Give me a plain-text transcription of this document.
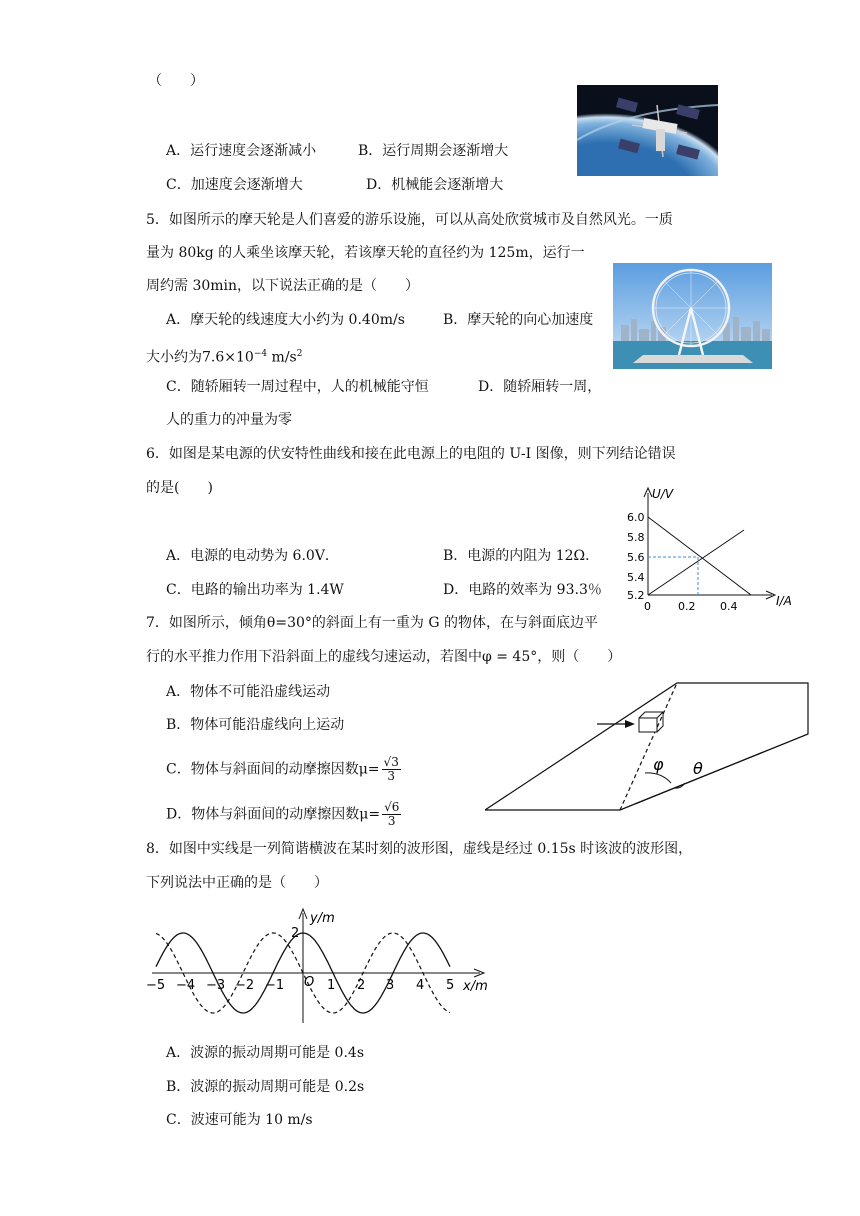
（　　）
A．运行速度会逐渐减小	B．运行周期会逐渐增大
C．加速度会逐渐增大	D．机械能会逐渐增大
5．如图所示的摩天轮是人们喜爱的游乐设施，可以从高处欣赏城市及自然风光。一质
量为 80kg 的人乘坐该摩天轮，若该摩天轮的直径约为 125m，运行一
周约需 30min，以下说法正确的是（　　）
A．摩天轮的线速度大小约为 0.40m/s	B．摩天轮的向心加速度
大小约为$7.6\times 10^{-4}$ $m/s^2$
C．随轿厢转一周过程中，人的机械能守恒	D．随轿厢转一周，
人的重力的冲量为零
6．如图是某电源的伏安特性曲线和接在此电源上的电阻的 U-I 图像，则下列结论错误
的是(　　)
A．电源的电动势为 6.0V．	B．电源的内阻为 12Ω．
C．电路的输出功率为 1.4W	D．电路的效率为 93.3％
U/V
I/A
6.0
5.8
5.6
5.4
5.2
0 0.2 0.4
7．如图所示，倾角θ=30°的斜面上有一重为 G 的物体，在与斜面底边平
行的水平推力作用下沿斜面上的虚线匀速运动，若图中φ = 45°，则（　　）
A．物体不可能沿虚线运动
B．物体可能沿虚线向上运动
C．物体与斜面间的动摩擦因数$\mu= \frac{√3}{3}$
D．物体与斜面间的动摩擦因数$\mu= \frac{√6}{3}$
φ θ
8．如图中实线是一列简谐横波在某时刻的波形图，虚线是经过 0.15s 时该波的波形图，
下列说法中正确的是（　　）
y/m
x/m
2
O
−5 −4 −3 −2 −1	1 2 3 4 5
A．波源的振动周期可能是 0.4s
B．波源的振动周期可能是 0.2s
C．波速可能为 10 m/s
